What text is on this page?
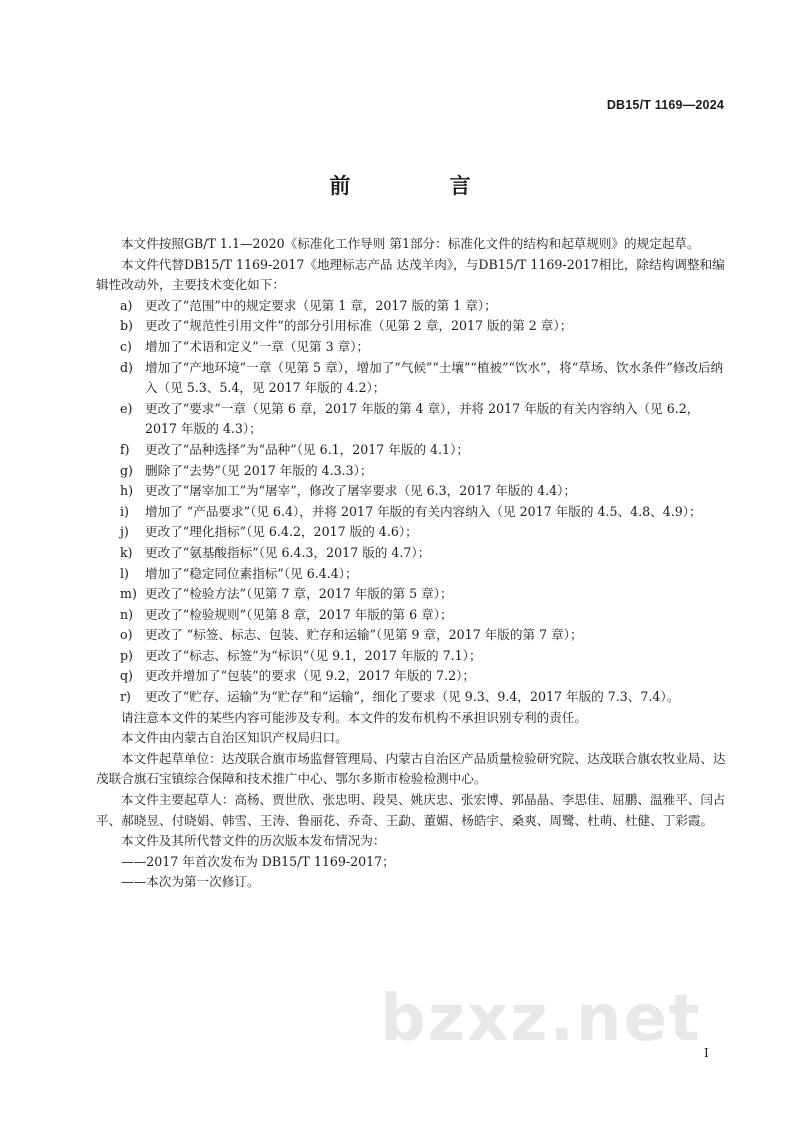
DB15/T 1169—2024
前 言

本文件按照GB/T 1.1—2020《标准化工作导则 第1部分：标准化文件的结构和起草规则》的规定起草。

本文件代替DB15/T 1169-2017《地理标志产品 达茂羊肉》，与DB15/T 1169-2017相比，除结构调整和编辑性改动外，主要技术变化如下：

a) 更改了“范围”中的规定要求（见第 1 章，2017 版的第 1 章）；
b) 更改了“规范性引用文件”的部分引用标准（见第 2 章，2017 版的第 2 章）；
c)	增加了“术语和定义”一章（见第 3 章）；
d) 增加了“产地环境”一章（见第 5 章），增加了“气候”“土壤”“植被”“饮水”，将“草场、饮水条件”修改后纳入（见 5.3、5.4，见 2017 年版的 4.2）；
e)	更改了“要求”一章（见第 6 章，2017 年版的第 4 章），并将 2017 年版的有关内容纳入（见 6.2，2017 年版的 4.3）；
f)	更改了“品种选择”为“品种”（见 6.1，2017 年版的 4.1）；
g) 删除了“去势”（见 2017 年版的 4.3.3）；
h) 更改了“屠宰加工”为“屠宰”，修改了屠宰要求（见 6.3，2017 年版的 4.4）；
i)	增加了 “产品要求”（见 6.4），并将 2017 年版的有关内容纳入（见 2017 年版的 4.5、4.8、4.9）；
j)	更改了“理化指标”（见 6.4.2，2017 版的 4.6）；
k) 更改了“氨基酸指标”（见 6.4.3，2017 版的 4.7）；
l)	增加了“稳定同位素指标”（见 6.4.4）；
m) 更改了“检验方法”（见第 7 章，2017 年版的第 5 章）；
n) 更改了“检验规则”（见第 8 章，2017 年版的第 6 章）；
o) 更改了 “标签、标志、包装、贮存和运输”（见第 9 章，2017 年版的第 7 章）；
p) 更改了“标志、标签”为“标识”（见 9.1，2017 年版的 7.1）；
q) 更改并增加了“包装”的要求（见 9.2，2017 年版的 7.2）；
r)	更改了“贮存、运输”为“贮存”和“运输”，细化了要求（见 9.3、9.4，2017 年版的 7.3、7.4）。

请注意本文件的某些内容可能涉及专利。本文件的发布机构不承担识别专利的责任。

本文件由内蒙古自治区知识产权局归口。

本文件起草单位：达茂联合旗市场监督管理局、内蒙古自治区产品质量检验研究院、达茂联合旗农牧业局、达茂联合旗石宝镇综合保障和技术推广中心、鄂尔多斯市检验检测中心。

本文件主要起草人：高杨、贾世欣、张忠明、段昊、姚庆忠、张宏博、郭晶晶、李思佳、屈鹏、温雅平、闫占平、郝晓昱、付晓娟、韩雪、王涛、鲁丽花、乔奇、王勐、董媚、杨皓宇、桑爽、周鹭、杜萌、杜健、丁彩霞。

本文件及其所代替文件的历次版本发布情况为：

——2017 年首次发布为 DB15/T 1169-2017；

——本次为第一次修订。

bzxz.net I
